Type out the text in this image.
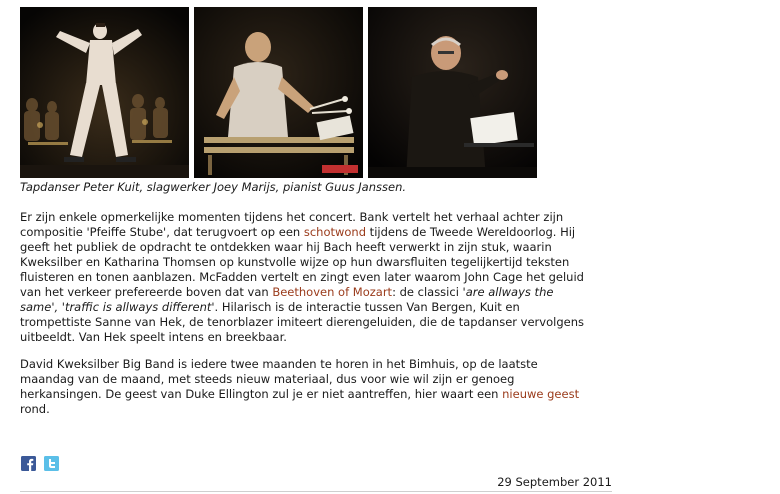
Tapdanser Peter Kuit, slagwerker Joey Marijs, pianist Guus Janssen.
Er zijn enkele opmerkelijke momenten tijdens het concert. Bank vertelt het verhaal achter zijn
compositie 'Pfeiffe Stube', dat terugvoert op een schotwond tijdens de Tweede Wereldoorlog. Hij
geeft het publiek de opdracht te ontdekken waar hij Bach heeft verwerkt in zijn stuk, waarin
Kweksilber en Katharina Thomsen op kunstvolle wijze op hun dwarsfluiten tegelijkertijd teksten
fluisteren en tonen aanblazen. McFadden vertelt en zingt even later waarom John Cage het geluid
van het verkeer prefereerde boven dat van Beethoven of Mozart: de classici 'are allways the
same', 'traffic is allways different'. Hilarisch is de interactie tussen Van Bergen, Kuit en
trompettiste Sanne van Hek, de tenorblazer imiteert dierengeluiden, die de tapdanser vervolgens
uitbeeldt. Van Hek speelt intens en breekbaar.
David Kweksilber Big Band is iedere twee maanden te horen in het Bimhuis, op de laatste
maandag van de maand, met steeds nieuw materiaal, dus voor wie wil zijn er genoeg
herkansingen. De geest van Duke Ellington zul je er niet aantreffen, hier waart een nieuwe geest
rond.

29 September 2011
